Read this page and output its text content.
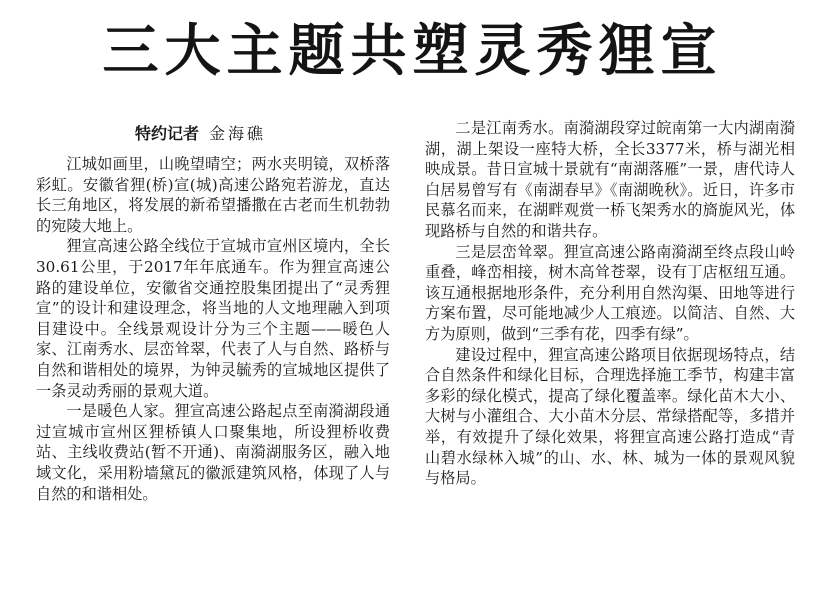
三大主题共塑灵秀狸宣
特约记者 金海礁

江城如画里，山晚望晴空；两水夹明镜，双桥落彩虹。安徽省狸(桥)宣(城)高速公路宛若游龙，直达长三角地区，将发展的新希望播撒在古老而生机勃勃的宛陵大地上。

狸宣高速公路全线位于宣城市宣州区境内，全长30.61公里，于2017年年底通车。作为狸宣高速公路的建设单位，安徽省交通控股集团提出了“灵秀狸宣”的设计和建设理念，将当地的人文地理融入到项目建设中。全线景观设计分为三个主题——暖色人家、江南秀水、层峦耸翠，代表了人与自然、路桥与自然和谐相处的境界，为钟灵毓秀的宣城地区提供了一条灵动秀丽的景观大道。

一是暖色人家。狸宣高速公路起点至南漪湖段通过宣城市宣州区狸桥镇人口聚集地，所设狸桥收费站、主线收费站(暂不开通)、南漪湖服务区，融入地域文化，采用粉墙黛瓦的徽派建筑风格，体现了人与自然的和谐相处。

二是江南秀水。南漪湖段穿过皖南第一大内湖南漪湖，湖上架设一座特大桥，全长3377米，桥与湖光相映成景。昔日宣城十景就有“南湖落雁”一景，唐代诗人白居易曾写有《南湖春早》《南湖晚秋》。近日，许多市民慕名而来，在湖畔观赏一桥飞架秀水的旖旎风光，体现路桥与自然的和谐共存。

三是层峦耸翠。狸宣高速公路南漪湖至终点段山岭重叠，峰峦相接，树木高耸苍翠，设有丁店枢纽互通。该互通根据地形条件，充分利用自然沟渠、田地等进行方案布置，尽可能地减少人工痕迹。以简洁、自然、大方为原则，做到“三季有花，四季有绿”。

建设过程中，狸宣高速公路项目依据现场特点，结合自然条件和绿化目标，合理选择施工季节，构建丰富多彩的绿化模式，提高了绿化覆盖率。绿化苗木大小、大树与小灌组合、大小苗木分层、常绿搭配等，多措并举，有效提升了绿化效果，将狸宣高速公路打造成“青山碧水绿林入城”的山、水、林、城为一体的景观风貌与格局。
